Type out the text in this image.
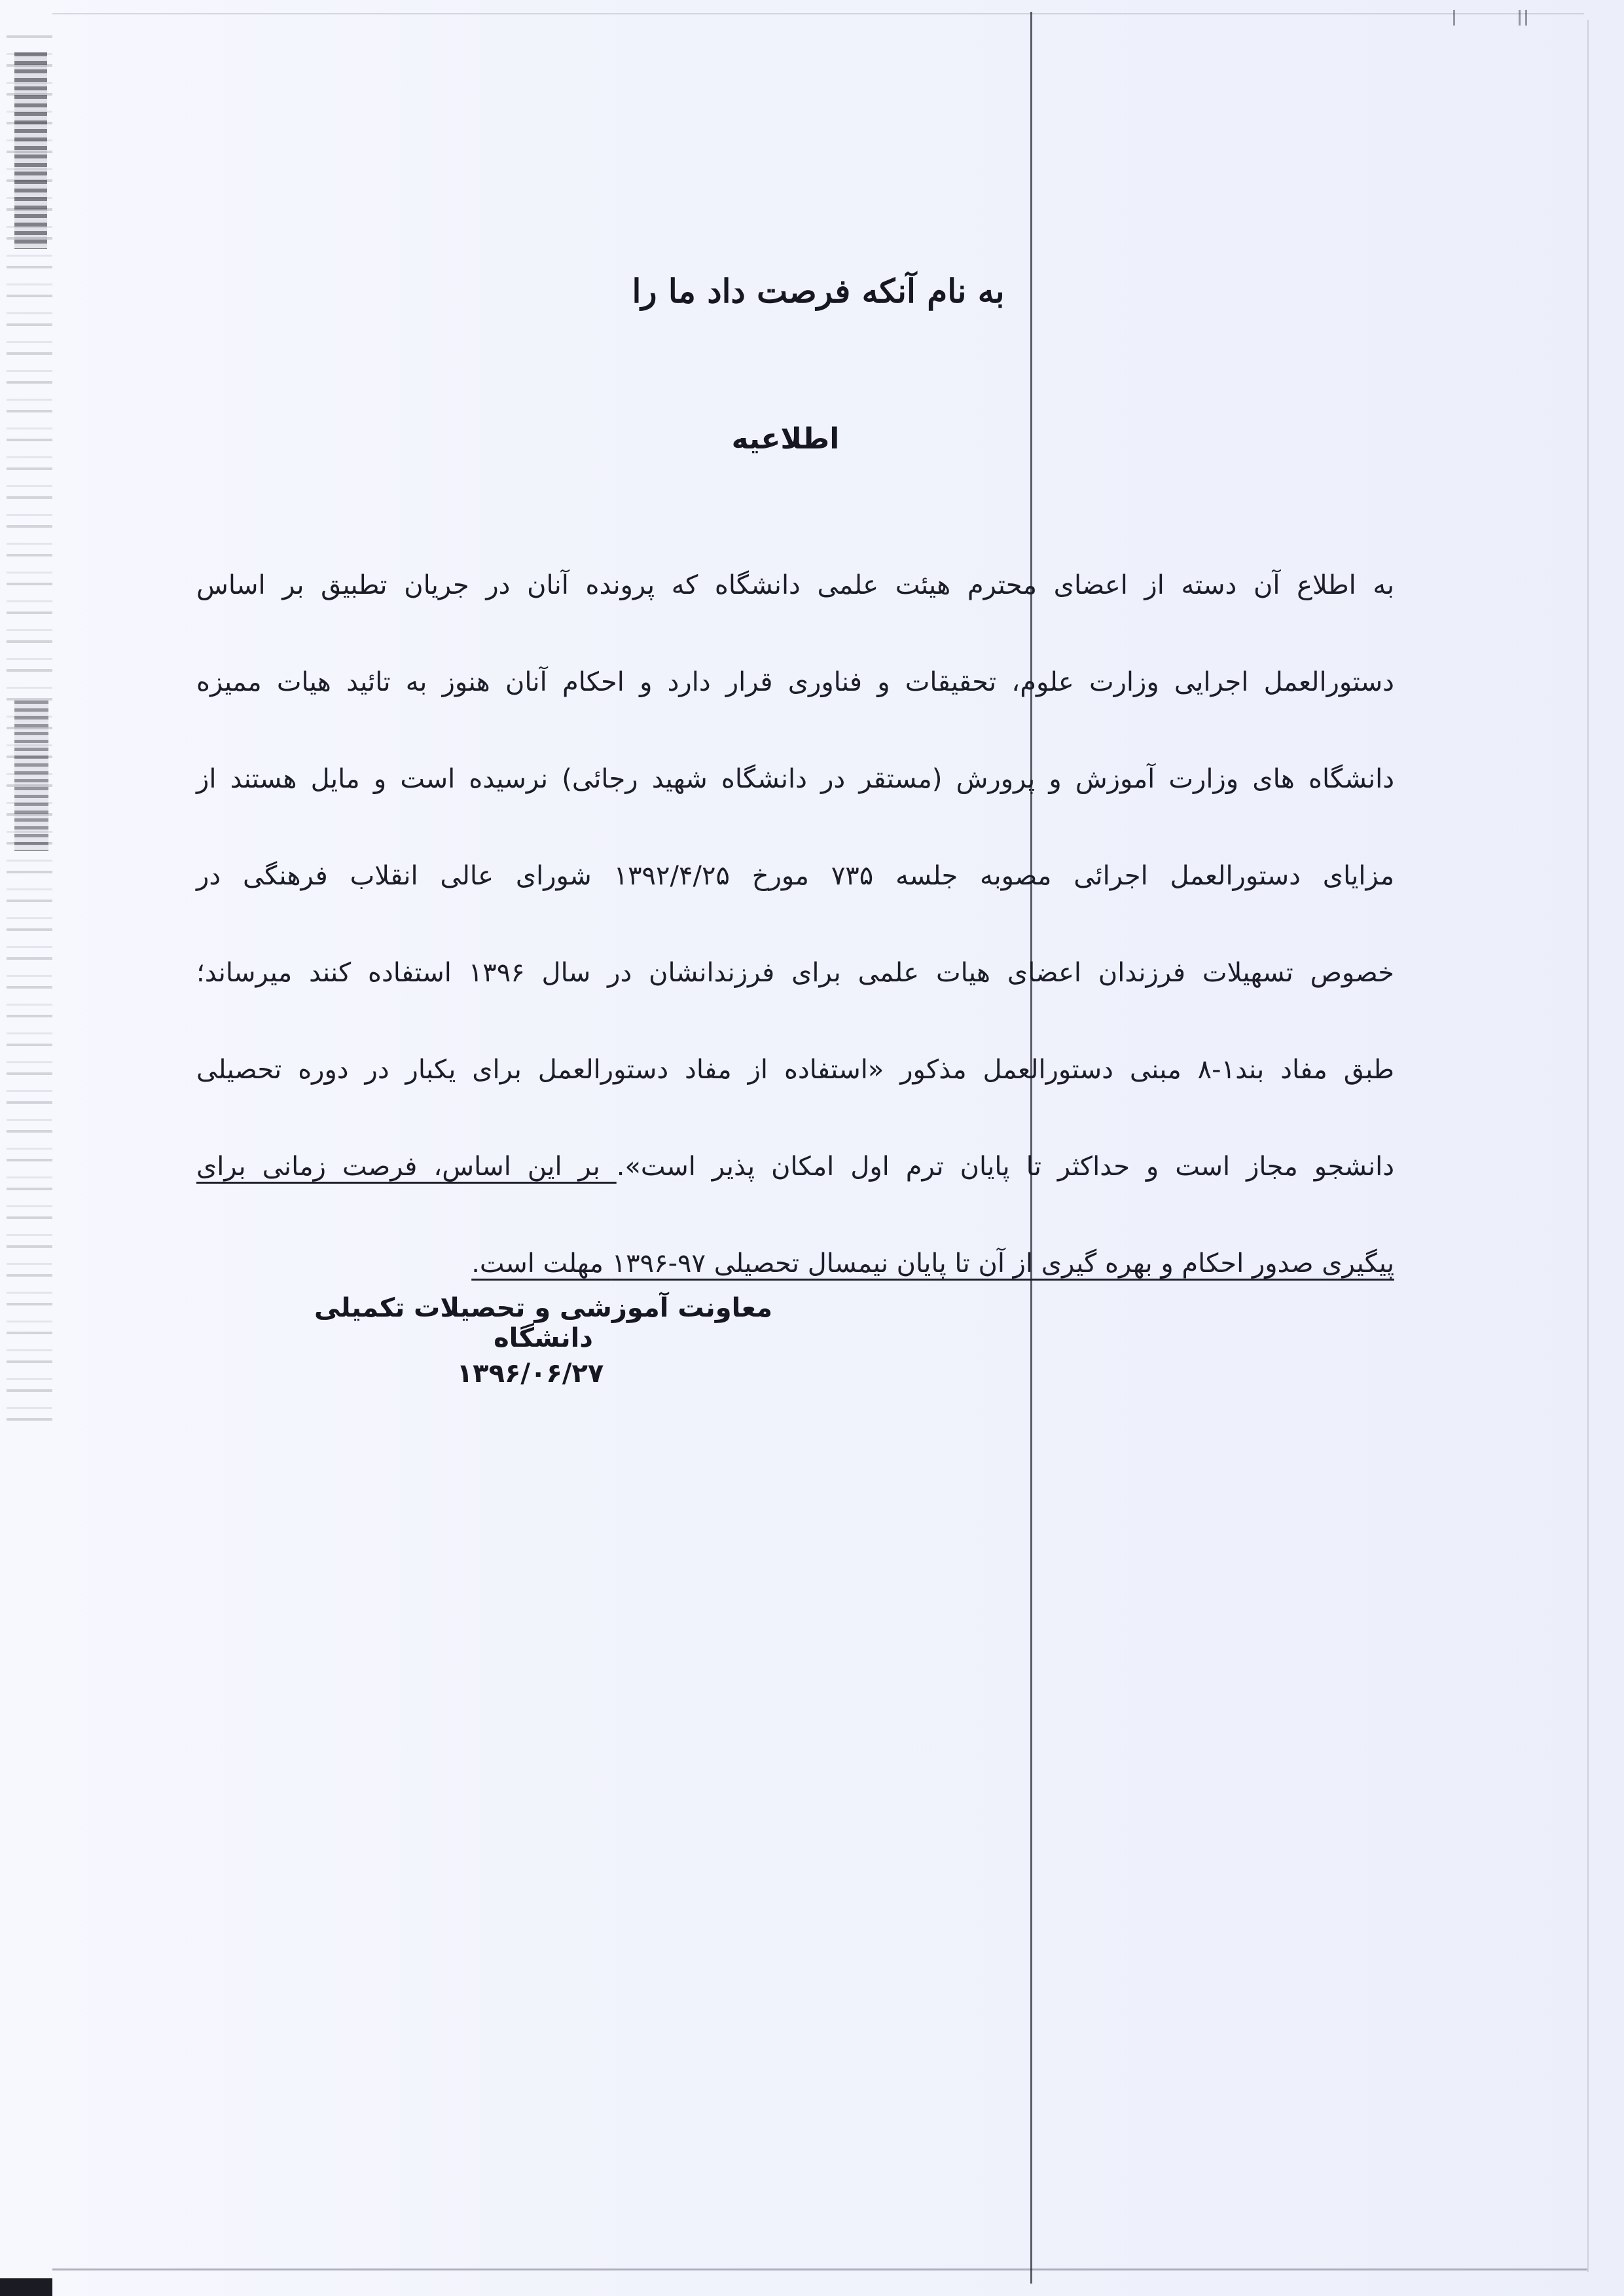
به نام آنکه فرصت داد ما را
اطلاعیه
به اطلاع آن دسته از اعضای محترم هیئت علمی دانشگاه که پرونده آنان در جریان تطبیق بر اساس
دستورالعمل اجرایی وزارت علوم، تحقیقات و فناوری قرار دارد و احکام آنان هنوز به تائید هیات ممیزه
دانشگاه های وزارت آموزش و پرورش (مستقر در دانشگاه شهید رجائی) نرسیده است و مایل هستند از
مزایای دستورالعمل اجرائی مصوبه جلسه ۷۳۵ مورخ ۱۳۹۲/۴/۲۵ شورای عالی انقلاب فرهنگی در
خصوص تسهیلات فرزندان اعضای هیات علمی برای فرزندانشان در سال ۱۳۹۶ استفاده کنند میرساند؛
طبق مفاد بند۱-۸ مبنی دستورالعمل مذکور «استفاده از مفاد دستورالعمل برای یکبار در دوره تحصیلی
دانشجو مجاز است و حداکثر تا پایان ترم اول امکان پذیر است». بر این اساس، فرصت زمانی برای
پیگیری صدور احکام و بهره گیری از آن تا پایان نیمسال تحصیلی ۹۷-۱۳۹۶ مهلت است.
معاونت آموزشی و تحصیلات تکمیلی دانشگاه
۱۳۹۶/۰۶/۲۷
